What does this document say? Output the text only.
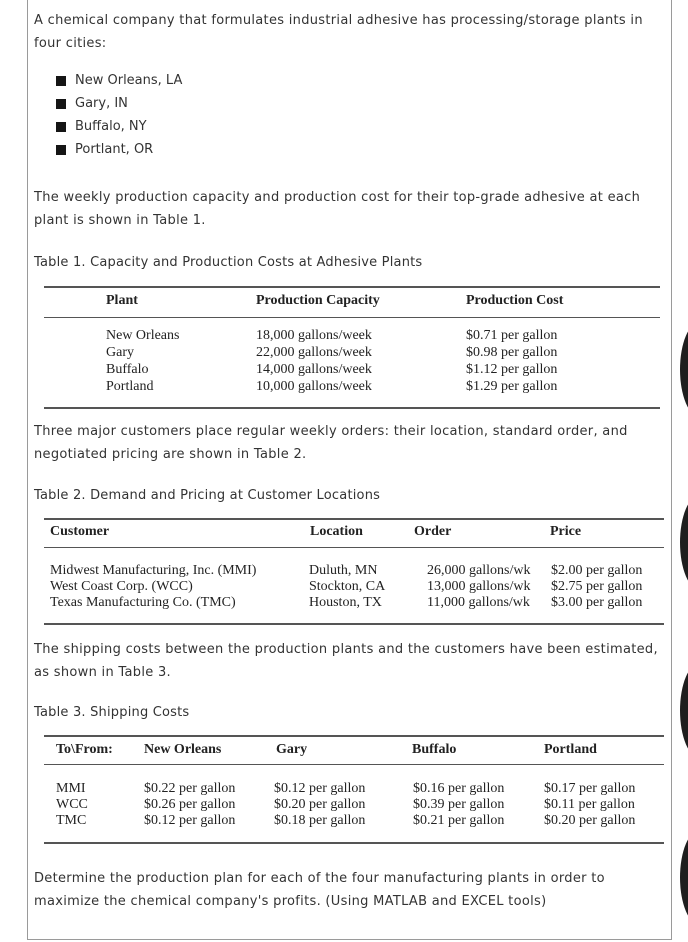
A chemical company that formulates industrial adhesive has processing/storage plants in four cities:
New Orleans, LA
Gary, IN
Buffalo, NY
Portlant, OR
The weekly production capacity and production cost for their top-grade adhesive at each plant is shown in Table 1.
Table 1. Capacity and Production Costs at Adhesive Plants
Plant	Production Capacity	Production Cost
New Orleans	18,000 gallons/week	$0.71 per gallon
Gary	22,000 gallons/week	$0.98 per gallon
Buffalo	14,000 gallons/week	$1.12 per gallon
Portland	10,000 gallons/week	$1.29 per gallon
Three major customers place regular weekly orders: their location, standard order, and negotiated pricing are shown in Table 2.
Table 2. Demand and Pricing at Customer Locations
Customer	Location	Order	Price
Midwest Manufacturing, Inc. (MMI)	Duluth, MN	26,000 gallons/wk $2.00 per gallon
West Coast Corp. (WCC)	Stockton, CA	13,000 gallons/wk $2.75 per gallon
Texas Manufacturing Co. (TMC)	Houston, TX	11,000 gallons/wk $3.00 per gallon
The shipping costs between the production plants and the customers have been estimated, as shown in Table 3.
Table 3. Shipping Costs
To\From: New Orleans	Gary	Buffalo	Portland
MMI	$0.22 per gallon	$0.12 per gallon	$0.16 per gallon	$0.17 per gallon
WCC	$0.26 per gallon	$0.20 per gallon	$0.39 per gallon	$0.11 per gallon
TMC	$0.12 per gallon	$0.18 per gallon	$0.21 per gallon	$0.20 per gallon
Determine the production plan for each of the four manufacturing plants in order to maximize the chemical company's profits. (Using MATLAB and EXCEL tools)
